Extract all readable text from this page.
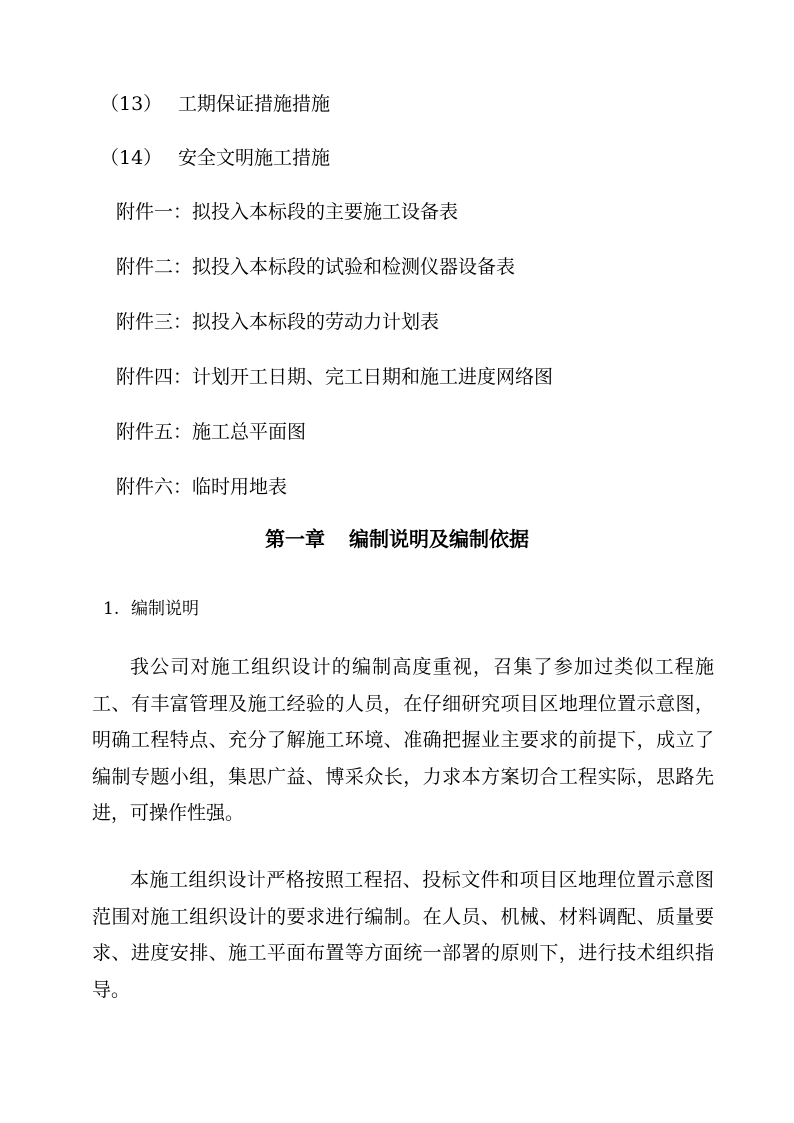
（13） 工期保证措施措施
（14） 安全文明施工措施
附件一：拟投入本标段的主要施工设备表
附件二：拟投入本标段的试验和检测仪器设备表
附件三：拟投入本标段的劳动力计划表
附件四：计划开工日期、完工日期和施工进度网络图
附件五：施工总平面图
附件六：临时用地表
第一章 编制说明及编制依据
1. 编制说明

我公司对施工组织设计的编制高度重视，召集了参加过类似工程施工、有丰富管理及施工经验的人员，在仔细研究项目区地理位置示意图，明确工程特点、充分了解施工环境、准确把握业主要求的前提下，成立了编制专题小组，集思广益、博采众长，力求本方案切合工程实际，思路先进，可操作性强。

本施工组织设计严格按照工程招、投标文件和项目区地理位置示意图范围对施工组织设计的要求进行编制。在人员、机械、材料调配、质量要求、进度安排、施工平面布置等方面统一部署的原则下，进行技术组织指导。
